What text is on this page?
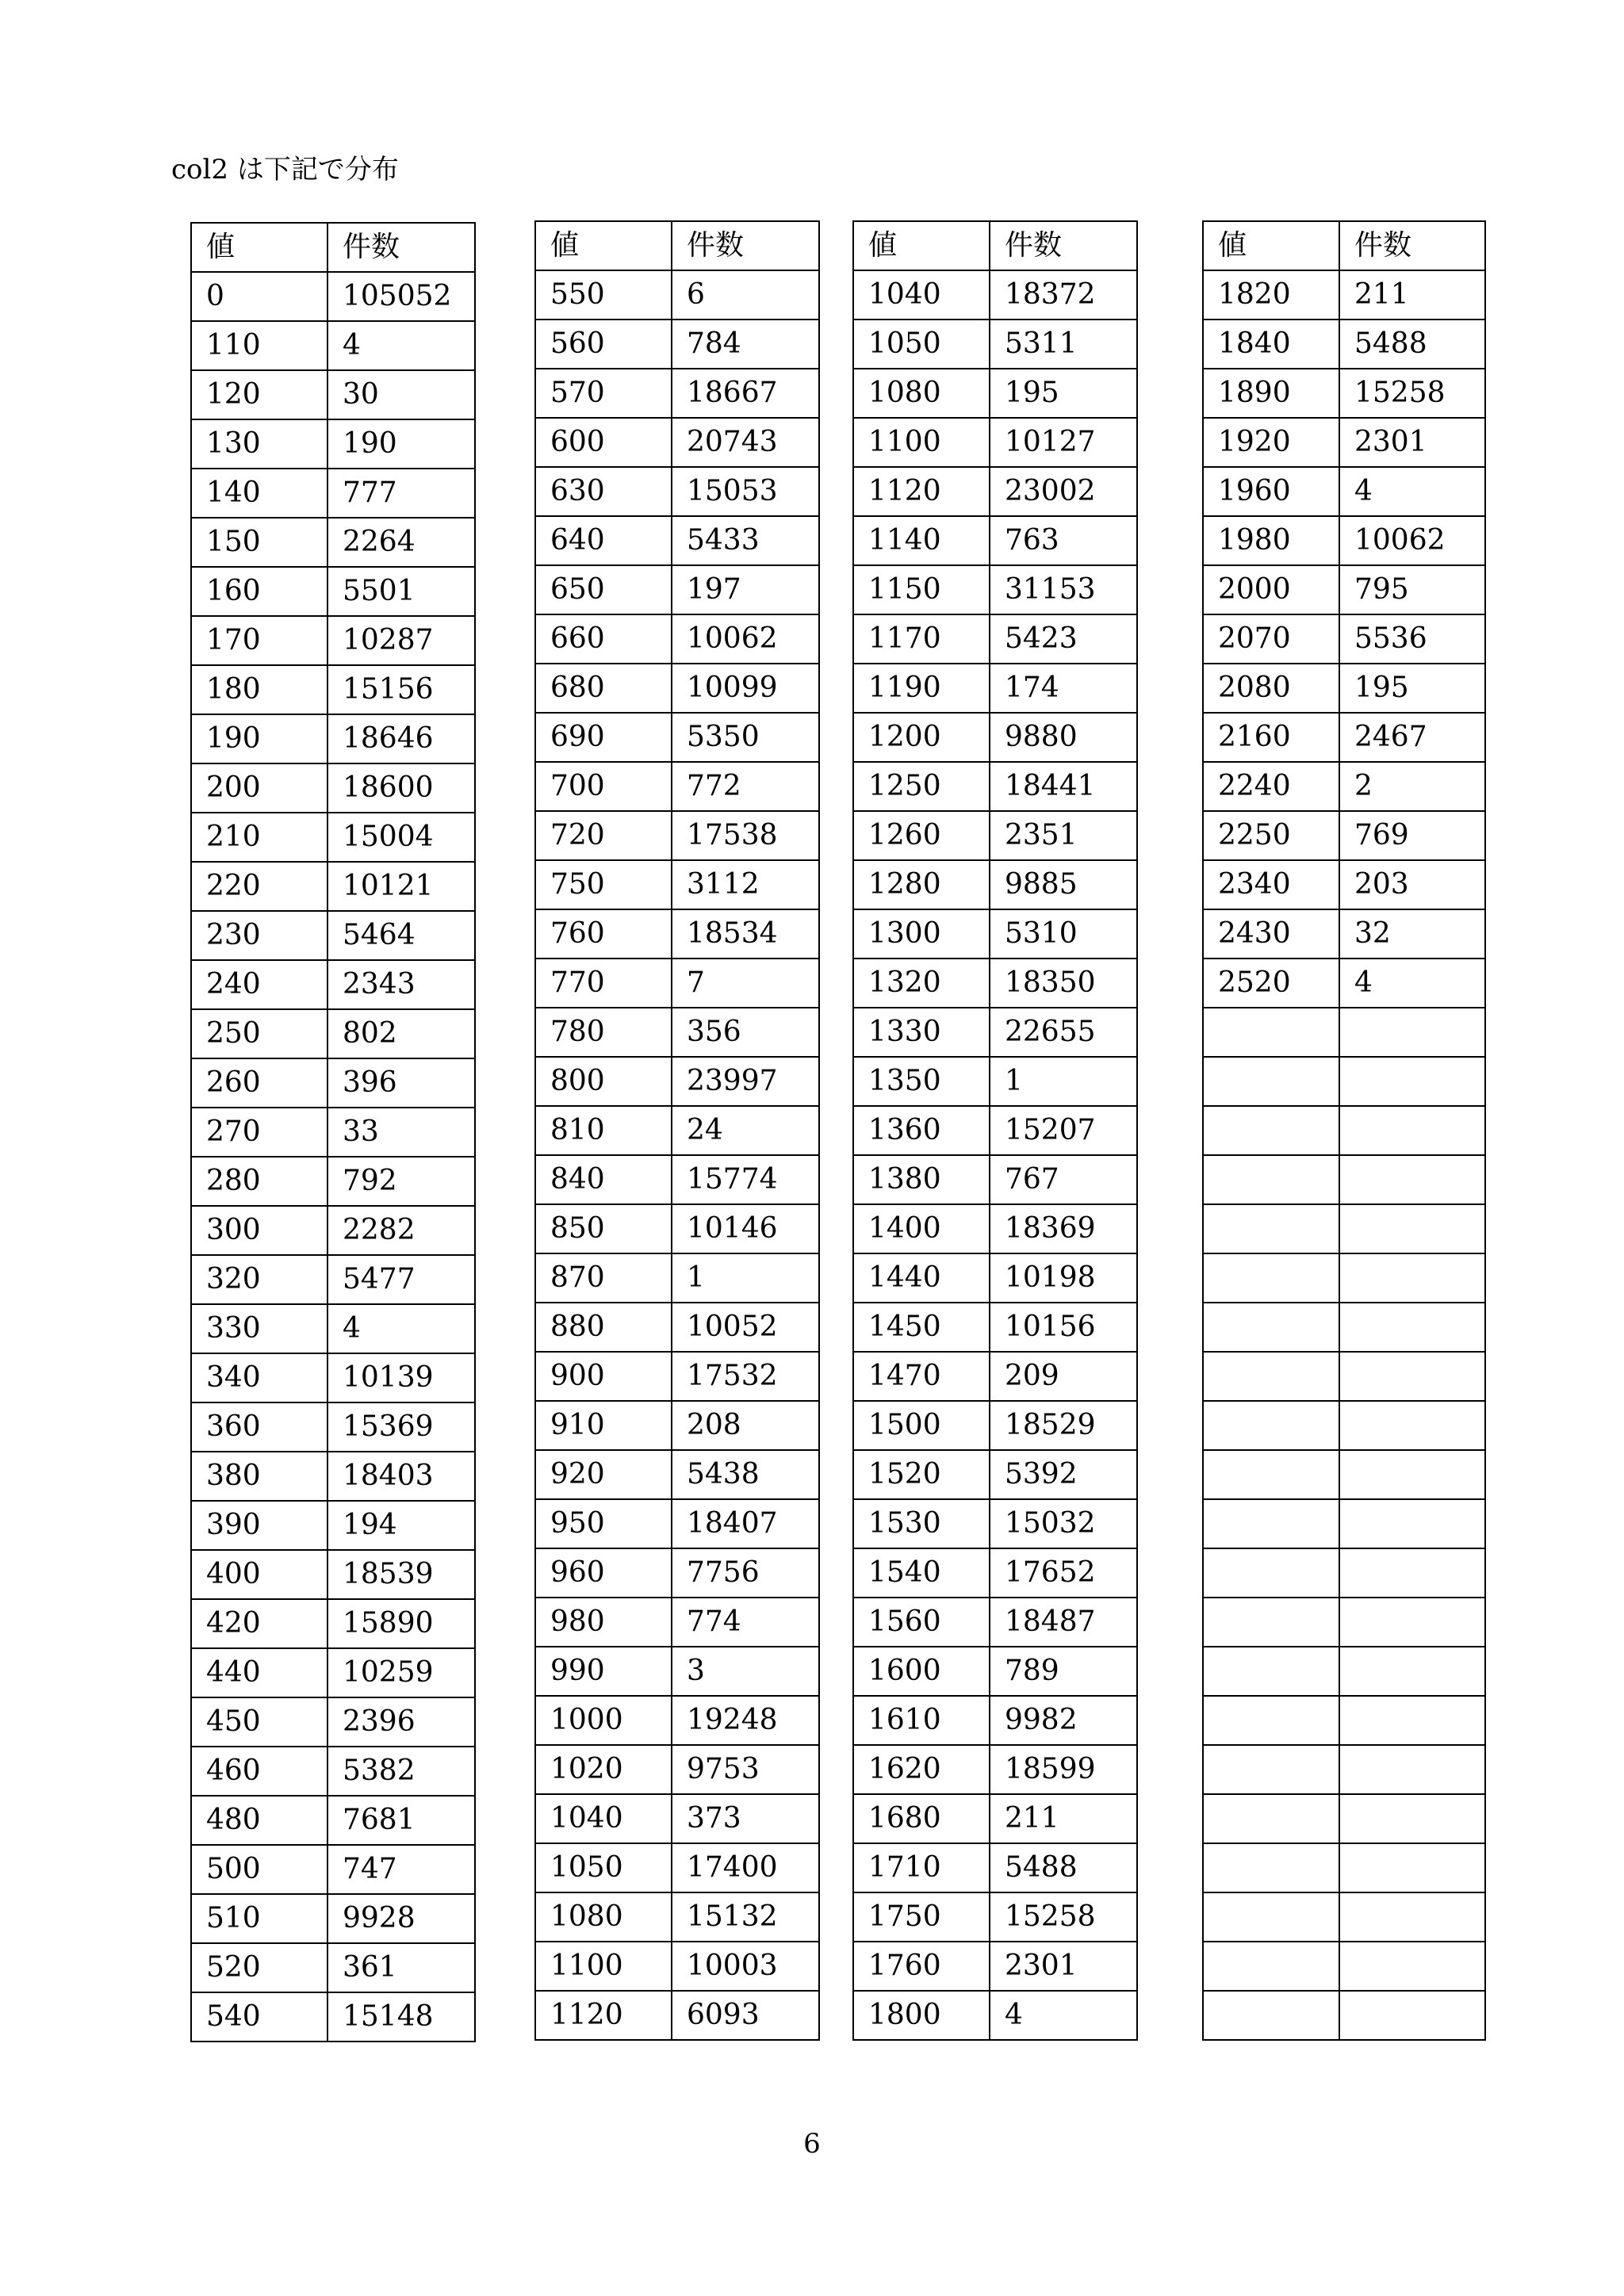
col2 は下記で分布
値	件数
0	105052
110	4
120	30
130	190
140	777
150	2264
160	5501
170	10287
180	15156
190	18646
200	18600
210	15004
220	10121
230	5464
240	2343
250	802
260	396
270	33
280	792
300	2282
320	5477
330	4
340	10139
360	15369
380	18403
390	194
400	18539
420	15890
440	10259
450	2396
460	5382
480	7681
500	747
510	9928
520	361
540	15148
値	件数
550	6
560	784
570	18667
600	20743
630	15053
640	5433
650	197
660	10062
680	10099
690	5350
700	772
720	17538
750	3112
760	18534
770	7
780	356
800	23997
810	24
840	15774
850	10146
870	1
880	10052
900	17532
910	208
920	5438
950	18407
960	7756
980	774
990	3
1000	19248
1020	9753
1040	373
1050	17400
1080	15132
1100	10003
1120	6093
値	件数
1040	18372
1050	5311
1080	195
1100	10127
1120	23002
1140	763
1150	31153
1170	5423
1190	174
1200	9880
1250	18441
1260	2351
1280	9885
1300	5310
1320	18350
1330	22655
1350	1
1360	15207
1380	767
1400	18369
1440	10198
1450	10156
1470	209
1500	18529
1520	5392
1530	15032
1540	17652
1560	18487
1600	789
1610	9982
1620	18599
1680	211
1710	5488
1750	15258
1760	2301
1800	4
値	件数
1820	211
1840	5488
1890	15258
1920	2301
1960	4
1980	10062
2000	795
2070	5536
2080	195
2160	2467
2240	2
2250	769
2340	203
2430	32
2520	4

6
